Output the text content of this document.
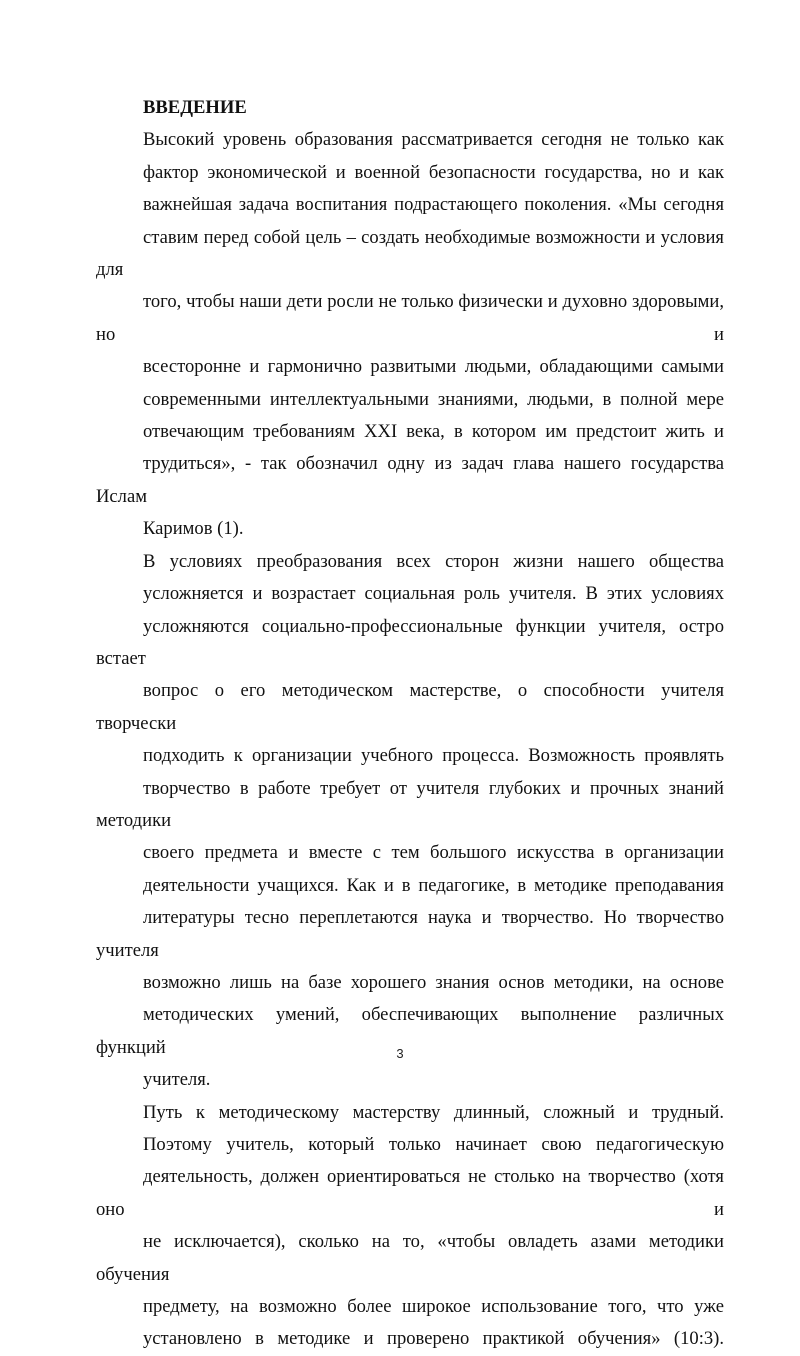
ВВЕДЕНИЕ

Высокий уровень образования рассматривается сегодня не только как
фактор экономической и военной безопасности государства, но и как
важнейшая задача воспитания подрастающего поколения. «Мы сегодня
ставим перед собой цель – создать необходимые возможности и условия для
того, чтобы наши дети росли не только физически и духовно здоровыми, но и
всесторонне и гармонично развитыми людьми, обладающими самыми
современными интеллектуальными знаниями, людьми, в полной мере
отвечающим требованиям XXI века, в котором им предстоит жить и
трудиться», - так обозначил одну из задач глава нашего государства Ислам
Каримов (1).

В условиях преобразования всех сторон жизни нашего общества
усложняется и возрастает социальная роль учителя. В этих условиях
усложняются социально-профессиональные функции учителя, остро встает
вопрос о его методическом мастерстве, о способности учителя творчески
подходить к организации учебного процесса. Возможность проявлять
творчество в работе требует от учителя глубоких и прочных знаний методики
своего предмета и вместе с тем большого искусства в организации
деятельности учащихся. Как и в педагогике, в методике преподавания
литературы тесно переплетаются наука и творчество. Но творчество учителя
возможно лишь на базе хорошего знания основ методики, на основе
методических умений, обеспечивающих выполнение различных функций
учителя.

Путь к методическому мастерству длинный, сложный и трудный.
Поэтому учитель, который только начинает свою педагогическую
деятельность, должен ориентироваться не столько на творчество (хотя оно и
не исключается), сколько на то, «чтобы овладеть азами методики обучения
предмету, на возможно более широкое использование того, что уже
установлено в методике и проверено практикой обучения» (10:3).

3
